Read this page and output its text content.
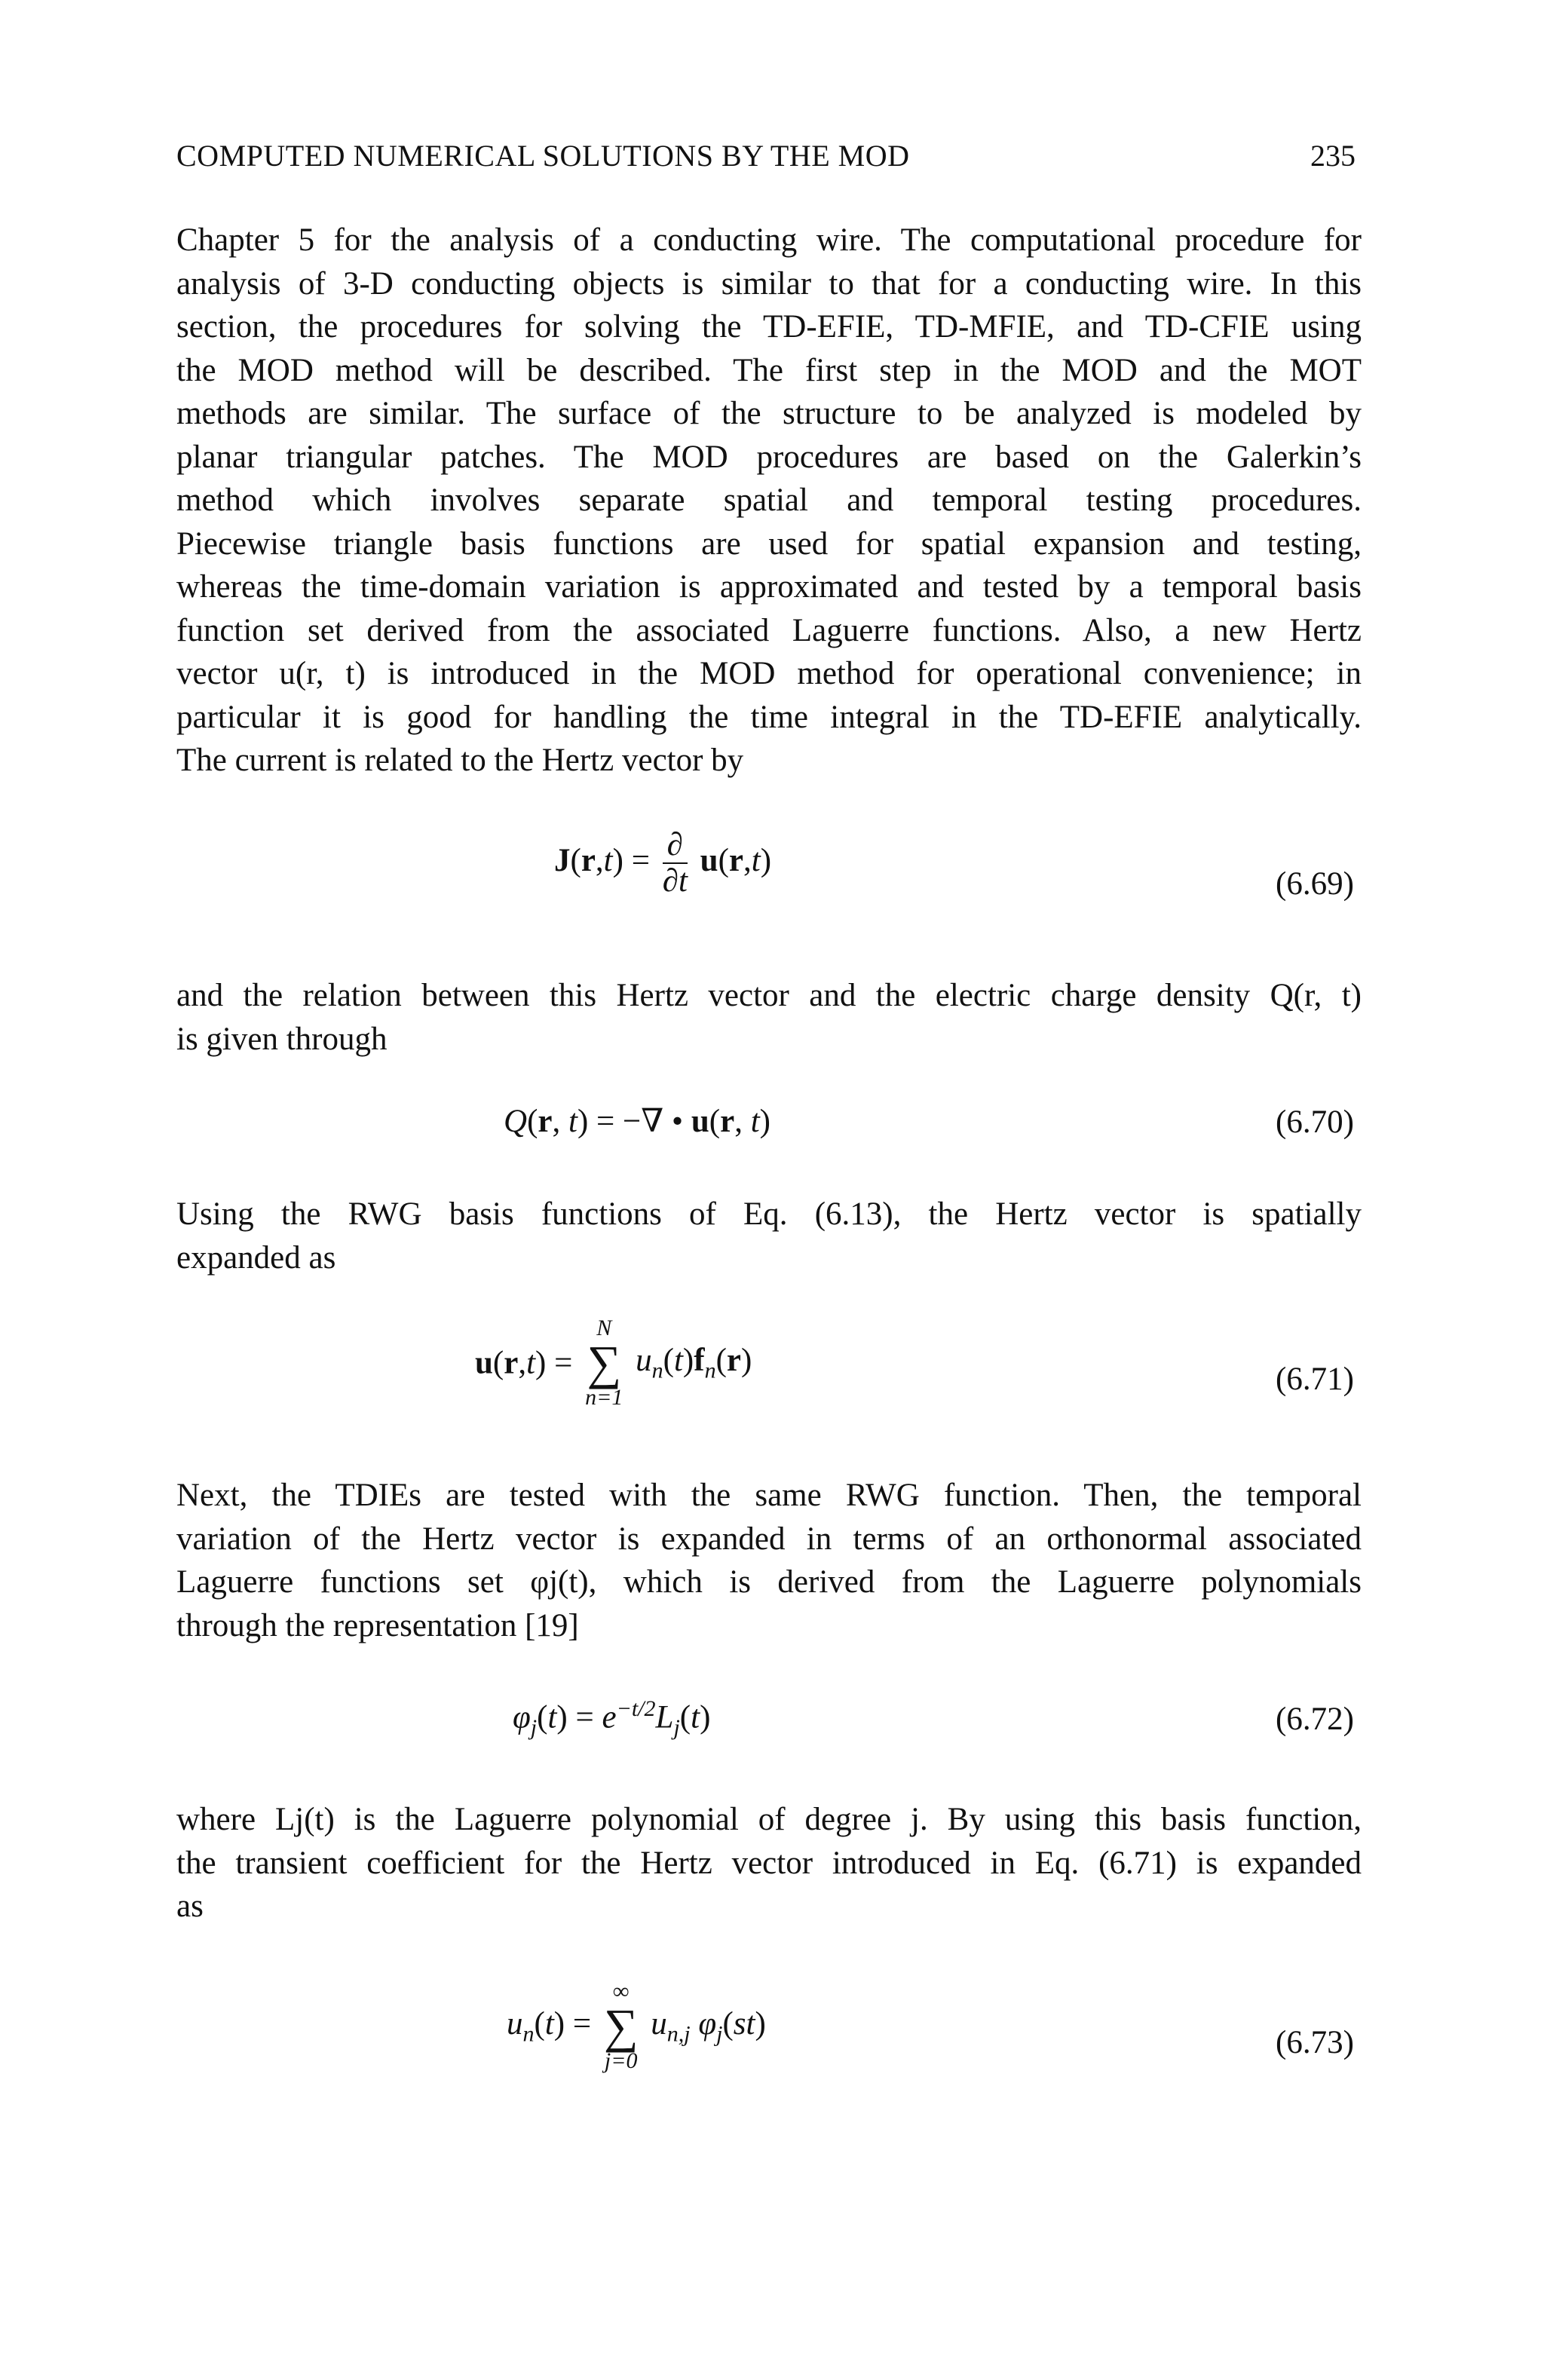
COMPUTED NUMERICAL SOLUTIONS BY THE MOD	235
Chapter 5 for the analysis of a conducting wire. The computational procedure for
analysis of 3-D conducting objects is similar to that for a conducting wire. In this
section, the procedures for solving the TD-EFIE, TD-MFIE, and TD-CFIE using
the MOD method will be described. The first step in the MOD and the MOT
methods are similar. The surface of the structure to be analyzed is modeled by
planar triangular patches. The MOD procedures are based on the Galerkin’s
method which involves separate spatial and temporal testing procedures.
Piecewise triangle basis functions are used for spatial expansion and testing,
whereas the time-domain variation is approximated and tested by a temporal basis
function set derived from the associated Laguerre functions. Also, a new Hertz
vector u(r, t) is introduced in the MOD method for operational convenience; in
particular it is good for handling the time integral in the TD-EFIE analytically.
The current is related to the Hertz vector by
$J(r,t) = \frac{\partial}{\partial t} u(r,t)$
(6.69)
and the relation between this Hertz vector and the electric charge density Q(r, t)
is given through
Q(r, t) = −∇ • u(r, t)	(6.70)
Using the RWG basis functions of Eq. (6.13), the Hertz vector is spatially
expanded as
u(r,t) =
N
∑
n=1
$u_n(t)f_n(r)$
(6.71)
Next, the TDIEs are tested with the same RWG function. Then, the temporal
variation of the Hertz vector is expanded in terms of an orthonormal associated
Laguerre functions set φj(t), which is derived from the Laguerre polynomials
through the representation [19]
$\varphi_j(t) = e^{-t/2}L_j(t)$	(6.72)
where Lj(t) is the Laguerre polynomial of degree j. By using this basis function,
the transient coefficient for the Hertz vector introduced in Eq. (6.71) is expanded
as
$u_n(t)$ =
∞
∑
j=0
$u_{n,j}$ $\varphi_j(st)$
(6.73)
